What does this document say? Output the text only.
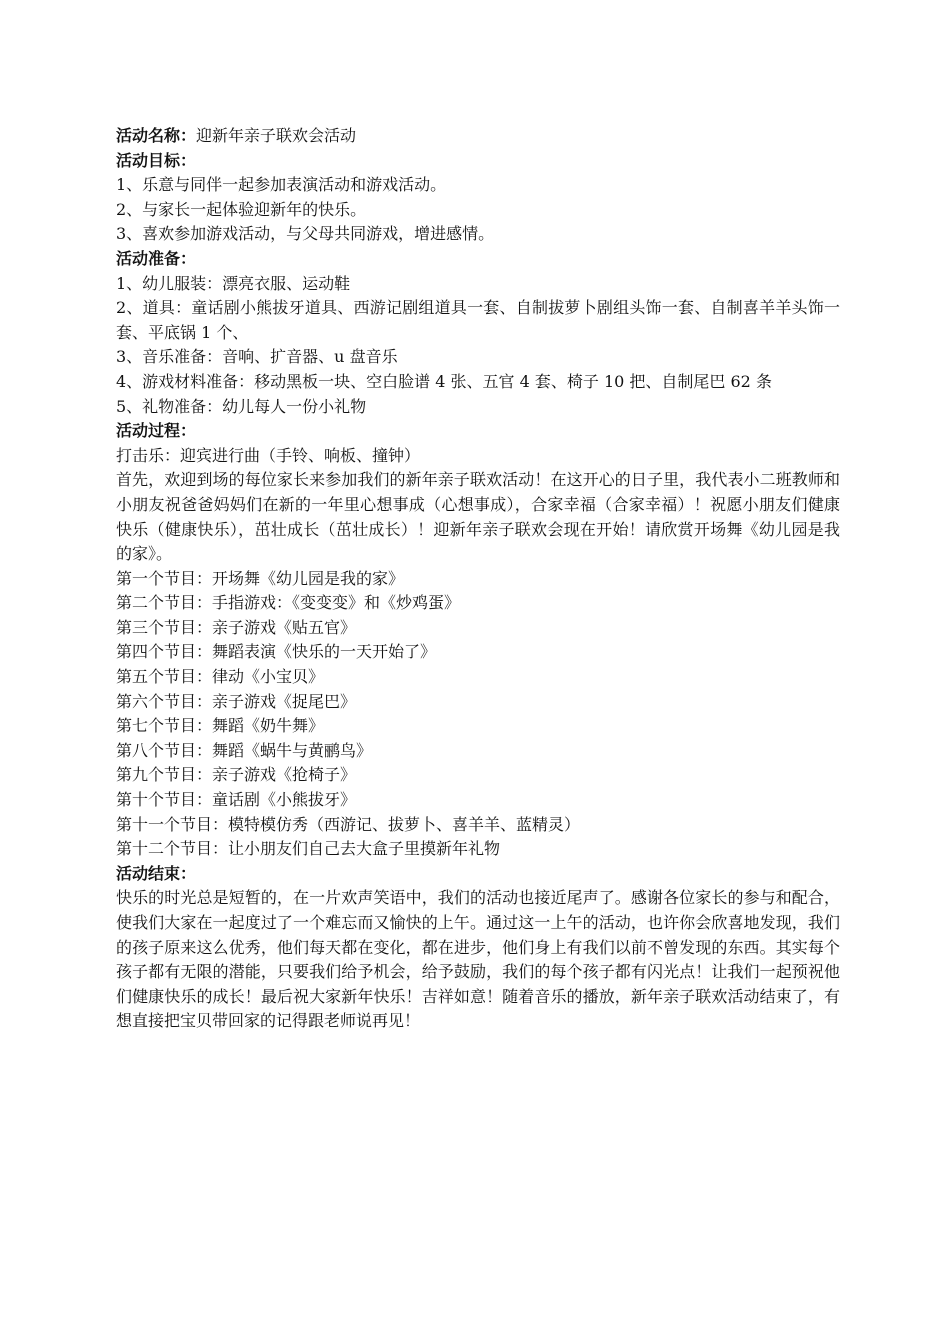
活动名称：迎新年亲子联欢会活动

活动目标：

1、乐意与同伴一起参加表演活动和游戏活动。

2、与家长一起体验迎新年的快乐。

3、喜欢参加游戏活动，与父母共同游戏，增进感情。

活动准备：

1、幼儿服装：漂亮衣服、运动鞋

2、道具：童话剧小熊拔牙道具、西游记剧组道具一套、自制拔萝卜剧组头饰一套、自制喜羊羊头饰一套、平底锅 1 个、

3、音乐准备：音响、扩音器、u 盘音乐

4、游戏材料准备：移动黑板一块、空白脸谱 4 张、五官 4 套、椅子 10 把、自制尾巴 62 条

5、礼物准备：幼儿每人一份小礼物

活动过程：

打击乐：迎宾进行曲（手铃、响板、撞钟）

首先，欢迎到场的每位家长来参加我们的新年亲子联欢活动！在这开心的日子里，我代表小二班教师和小朋友祝爸爸妈妈们在新的一年里心想事成（心想事成），合家幸福（合家幸福）！祝愿小朋友们健康快乐（健康快乐），茁壮成长（茁壮成长）！迎新年亲子联欢会现在开始！请欣赏开场舞《幼儿园是我的家》。

第一个节目：开场舞《幼儿园是我的家》

第二个节目：手指游戏：《变变变》和《炒鸡蛋》

第三个节目：亲子游戏《贴五官》

第四个节目：舞蹈表演《快乐的一天开始了》

第五个节目：律动《小宝贝》

第六个节目：亲子游戏《捉尾巴》

第七个节目：舞蹈《奶牛舞》

第八个节目：舞蹈《蜗牛与黄鹂鸟》

第九个节目：亲子游戏《抢椅子》

第十个节目：童话剧《小熊拔牙》

第十一个节目：模特模仿秀（西游记、拔萝卜、喜羊羊、蓝精灵）

第十二个节目：让小朋友们自己去大盒子里摸新年礼物

活动结束：

快乐的时光总是短暂的，在一片欢声笑语中，我们的活动也接近尾声了。感谢各位家长的参与和配合，使我们大家在一起度过了一个难忘而又愉快的上午。通过这一上午的活动，也许你会欣喜地发现，我们的孩子原来这么优秀，他们每天都在变化，都在进步，他们身上有我们以前不曾发现的东西。其实每个孩子都有无限的潜能，只要我们给予机会，给予鼓励，我们的每个孩子都有闪光点！让我们一起预祝他们健康快乐的成长！最后祝大家新年快乐！吉祥如意！随着音乐的播放，新年亲子联欢活动结束了，有想直接把宝贝带回家的记得跟老师说再见！
